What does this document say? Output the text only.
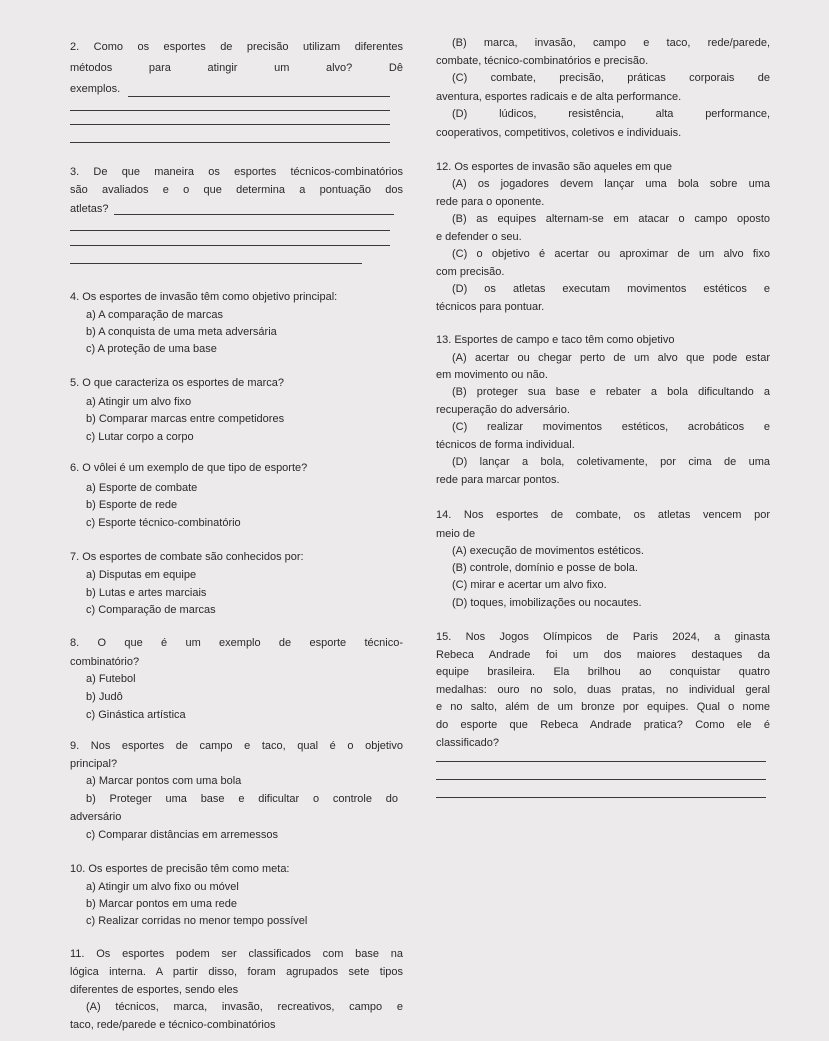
2. Como os esportes de precisão utilizam diferentes
métodos para atingir um alvo? Dê
exemplos.
3. De que maneira os esportes técnicos-combinatórios
são avaliados e o que determina a pontuação dos
atletas?
4. Os esportes de invasão têm como objetivo principal:
a) A comparação de marcas
b) A conquista de uma meta adversária
c) A proteção de uma base
5. O que caracteriza os esportes de marca?
a) Atingir um alvo fixo
b) Comparar marcas entre competidores
c) Lutar corpo a corpo
6. O vôlei é um exemplo de que tipo de esporte?
a) Esporte de combate
b) Esporte de rede
c) Esporte técnico-combinatório
7. Os esportes de combate são conhecidos por:
a) Disputas em equipe
b) Lutas e artes marciais
c) Comparação de marcas
8. O que é um exemplo de esporte técnico-
combinatório?
a) Futebol
b) Judô
c) Ginástica artística
9. Nos esportes de campo e taco, qual é o objetivo
principal?
a) Marcar pontos com uma bola
b) Proteger uma base e dificultar o controle do
adversário
c) Comparar distâncias em arremessos
10. Os esportes de precisão têm como meta:
a) Atingir um alvo fixo ou móvel
b) Marcar pontos em uma rede
c) Realizar corridas no menor tempo possível
11. Os esportes podem ser classificados com base na
lógica interna. A partir disso, foram agrupados sete tipos
diferentes de esportes, sendo eles
(A) técnicos, marca, invasão, recreativos, campo e
taco, rede/parede e técnico-combinatórios
(B) marca, invasão, campo e taco, rede/parede,
combate, técnico-combinatórios e precisão.
(C) combate, precisão, práticas corporais de
aventura, esportes radicais e de alta performance.
(D) lúdicos, resistência, alta performance,
cooperativos, competitivos, coletivos e individuais.
12. Os esportes de invasão são aqueles em que
(A) os jogadores devem lançar uma bola sobre uma
rede para o oponente.
(B) as equipes alternam-se em atacar o campo oposto
e defender o seu.
(C) o objetivo é acertar ou aproximar de um alvo fixo
com precisão.
(D) os atletas executam movimentos estéticos e
técnicos para pontuar.
13. Esportes de campo e taco têm como objetivo
(A) acertar ou chegar perto de um alvo que pode estar
em movimento ou não.
(B) proteger sua base e rebater a bola dificultando a
recuperação do adversário.
(C) realizar movimentos estéticos, acrobáticos e
técnicos de forma individual.
(D) lançar a bola, coletivamente, por cima de uma
rede para marcar pontos.
14. Nos esportes de combate, os atletas vencem por
meio de
(A) execução de movimentos estéticos.
(B) controle, domínio e posse de bola.
(C) mirar e acertar um alvo fixo.
(D) toques, imobilizações ou nocautes.
15. Nos Jogos Olímpicos de Paris 2024, a ginasta
Rebeca Andrade foi um dos maiores destaques da
equipe brasileira. Ela brilhou ao conquistar quatro
medalhas: ouro no solo, duas pratas, no individual geral
e no salto, além de um bronze por equipes. Qual o nome
do esporte que Rebeca Andrade pratica? Como ele é
classificado?
